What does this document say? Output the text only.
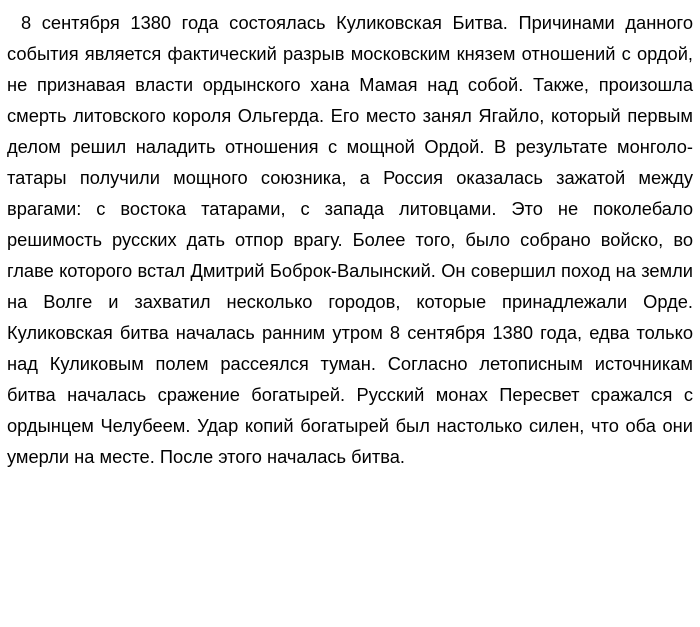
8 сентября 1380 года состоялась Куликовская Битва. Причинами данного события является фактический разрыв московским князем отношений с ордой, не признавая власти ордынского хана Мамая над собой. Также, произошла смерть литовского короля Ольгерда. Его место занял Ягайло, который первым делом решил наладить отношения с мощной Ордой. В результате монголо-татары получили мощного союзника, а Россия оказалась зажатой между врагами: с востока татарами, с запада литовцами. Это не поколебало решимость русских дать отпор врагу. Более того, было собрано войско, во главе которого встал Дмитрий Боброк-Валынский. Он совершил поход на земли на Волге и захватил несколько городов, которые принадлежали Орде. Куликовская битва началась ранним утром 8 сентября 1380 года, едва только над Куликовым полем рассеялся туман. Согласно летописным источникам битва началась сражение богатырей. Русский монах Пересвет сражался с ордынцем Челубеем. Удар копий богатырей был настолько силен, что оба они умерли на месте. После этого началась битва.
